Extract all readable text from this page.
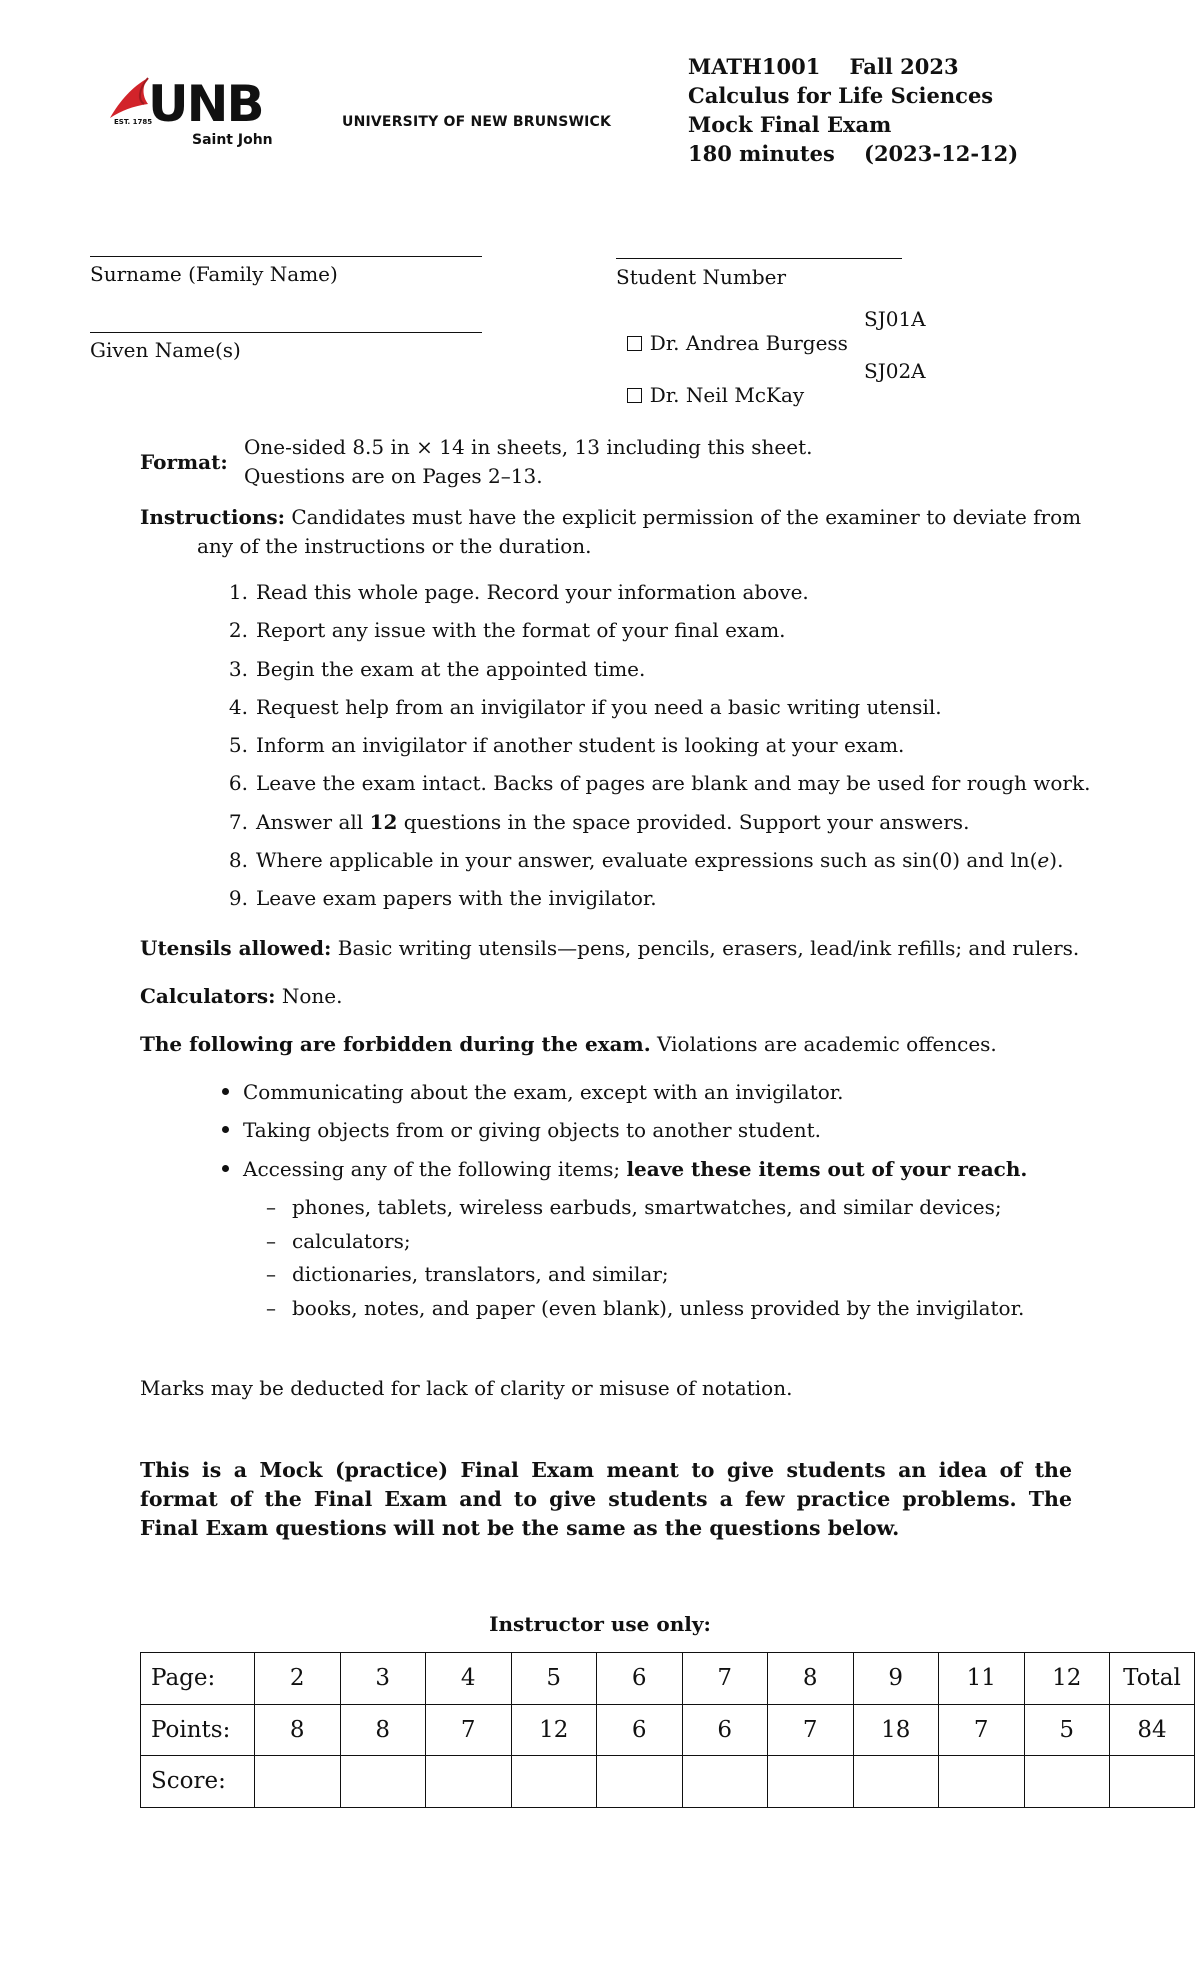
UNB
EST. 1785
Saint John
UNIVERSITY OF NEW BRUNSWICK
MATH1001    Fall 2023
Calculus for Life Sciences
Mock Final Exam
180 minutes    (2023-12-12)
Surname (Family Name)
Given Name(s)
Student Number

Dr. Andrea Burgess
SJ01A

Dr. Neil McKay
SJ02A

Format:
One-sided 8.5 in × 14 in sheets, 13 including this sheet.
Questions are on Pages 2–13.
Instructions: Candidates must have the explicit permission of the examiner to deviate from
any of the instructions or the duration.
1. Read this whole page. Record your information above.
2. Report any issue with the format of your final exam.
3. Begin the exam at the appointed time.
4. Request help from an invigilator if you need a basic writing utensil.
5. Inform an invigilator if another student is looking at your exam.
6. Leave the exam intact. Backs of pages are blank and may be used for rough work.
7. Answer all 12 questions in the space provided. Support your answers.
8. Where applicable in your answer, evaluate expressions such as sin(0) and ln(e).
9. Leave exam papers with the invigilator.
Utensils allowed: Basic writing utensils—pens, pencils, erasers, lead/ink refills; and rulers.
Calculators: None.
The following are forbidden during the exam. Violations are academic offences.
Communicating about the exam, except with an invigilator.
Taking objects from or giving objects to another student.
Accessing any of the following items; leave these items out of your reach.
– phones, tablets, wireless earbuds, smartwatches, and similar devices;
– calculators;
– dictionaries, translators, and similar;
– books, notes, and paper (even blank), unless provided by the invigilator.
Marks may be deducted for lack of clarity or misuse of notation.
This is a Mock (practice) Final Exam meant to give students an idea of the format of the Final Exam and to give students a few practice problems. The Final Exam questions will not be the same as the questions below.
Instructor use only:
Page:	2	3	4	5	6	7	8	9	11	12	Total
Points:	8	8	7	12	6	6	7	18	7	5	84
Score:											
